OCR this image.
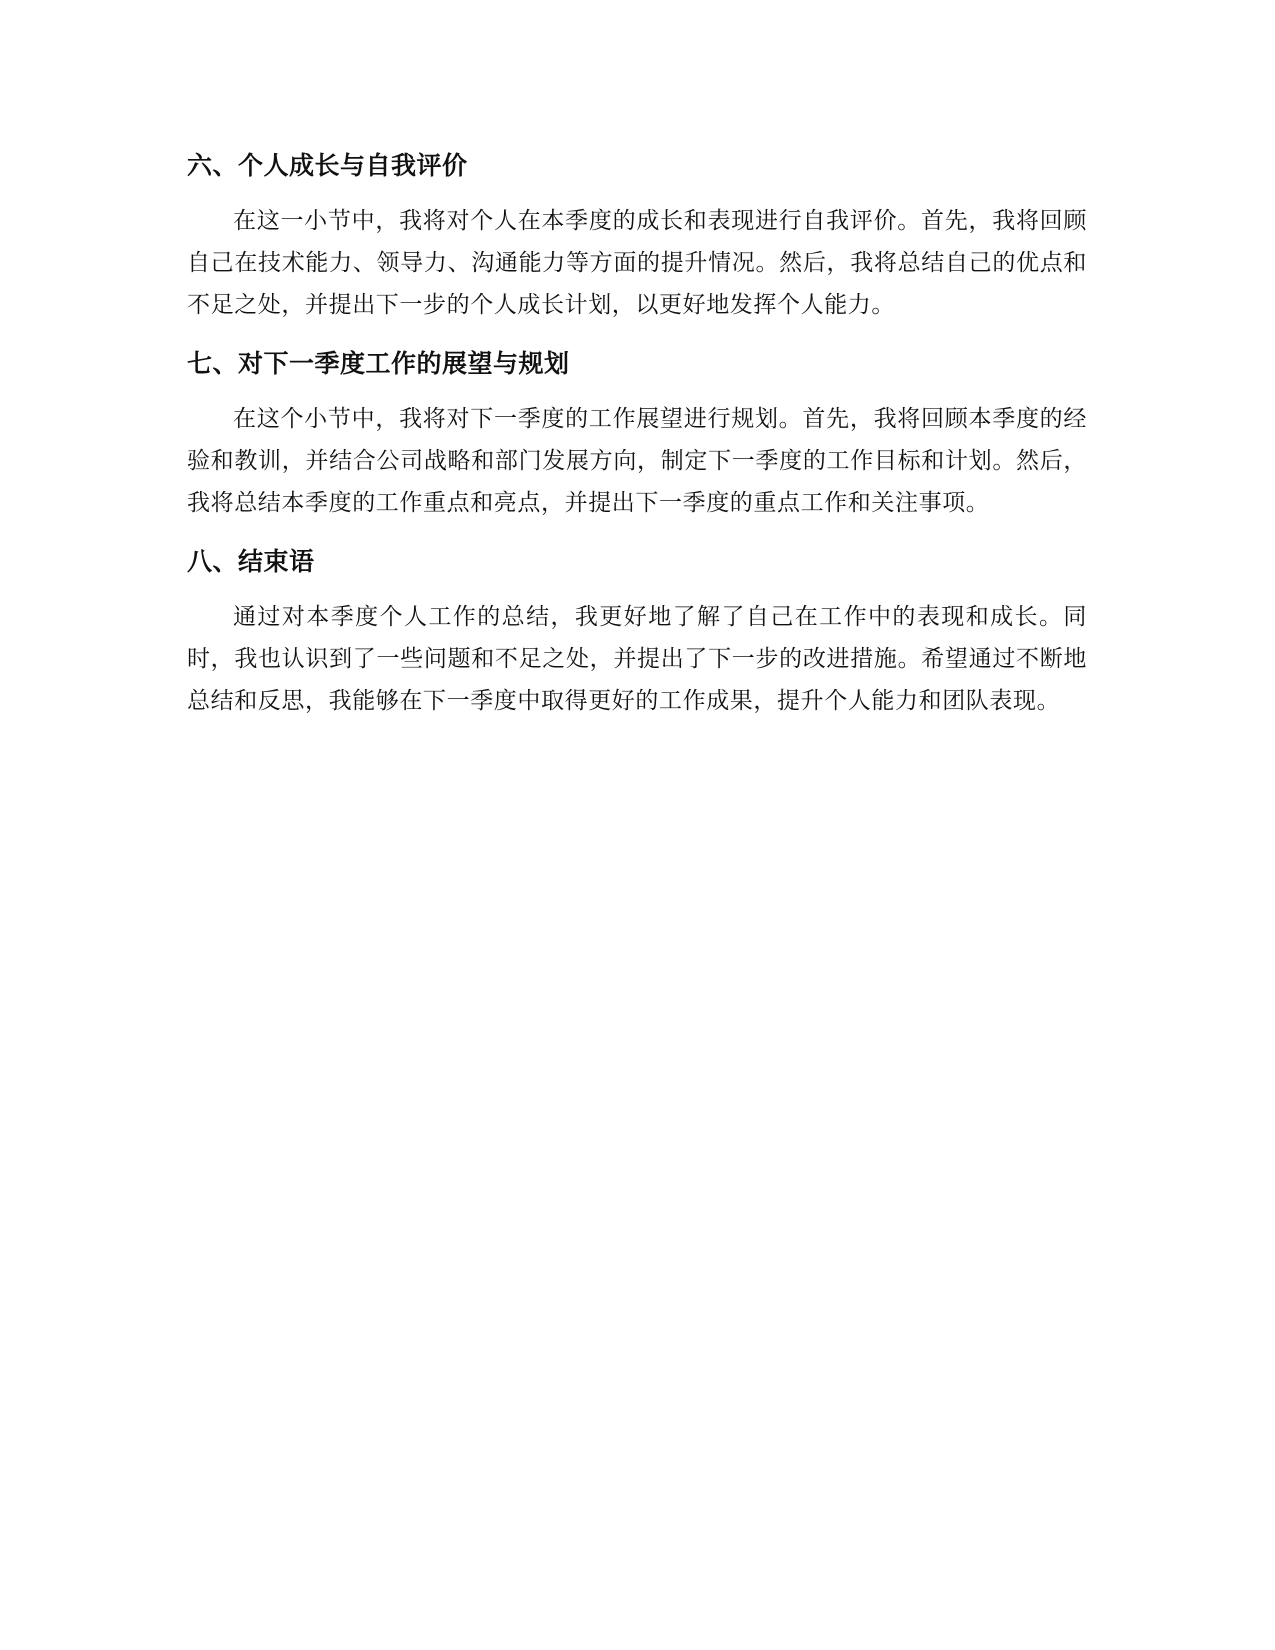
六、个人成长与自我评价

在这一小节中，我将对个人在本季度的成长和表现进行自我评价。首先，我将回顾自己在技术能力、领导力、沟通能力等方面的提升情况。然后，我将总结自己的优点和不足之处，并提出下一步的个人成长计划，以更好地发挥个人能力。

七、对下一季度工作的展望与规划

在这个小节中，我将对下一季度的工作展望进行规划。首先，我将回顾本季度的经验和教训，并结合公司战略和部门发展方向，制定下一季度的工作目标和计划。然后，我将总结本季度的工作重点和亮点，并提出下一季度的重点工作和关注事项。

八、结束语

通过对本季度个人工作的总结，我更好地了解了自己在工作中的表现和成长。同时，我也认识到了一些问题和不足之处，并提出了下一步的改进措施。希望通过不断地总结和反思，我能够在下一季度中取得更好的工作成果，提升个人能力和团队表现。
